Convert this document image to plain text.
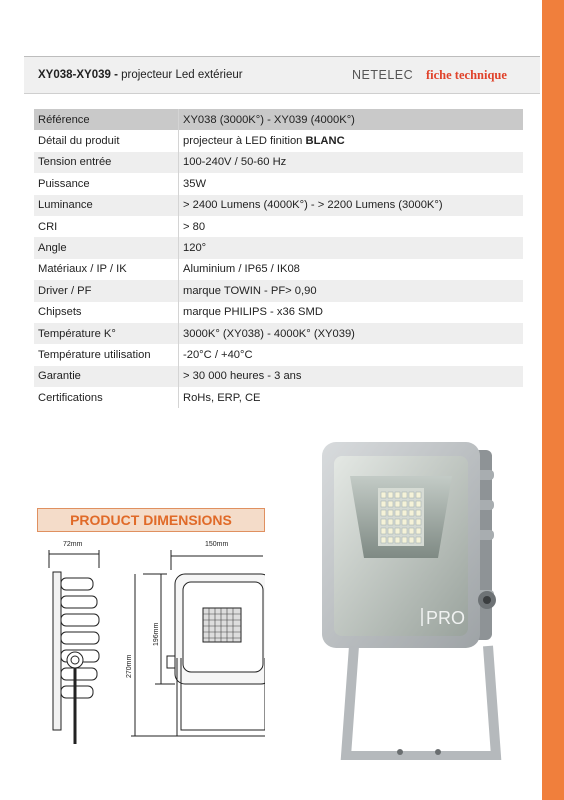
XY038-XY039 - projecteur Led extérieur	NETELEC fiche technique
Référence	XY038 (3000K°) - XY039 (4000K°)
Détail du produit	projecteur à LED finition BLANC
Tension entrée	100-240V / 50-60 Hz
Puissance	35W
Luminance	> 2400 Lumens (4000K°) - > 2200 Lumens (3000K°)
CRI	> 80
Angle	120°
Matériaux / IP / IK	Aluminium / IP65 / IK08
Driver / PF	marque TOWIN - PF> 0,90
Chipsets	marque PHILIPS - x36 SMD
Température K°	3000K° (XY038) - 4000K° (XY039)
Température utilisation	-20°C / +40°C
Garantie	> 30 000 heures - 3 ans
Certifications	RoHs, ERP, CE
PRODUCT DIMENSIONS
72mm	150mm
270mm
196mm
PRO
